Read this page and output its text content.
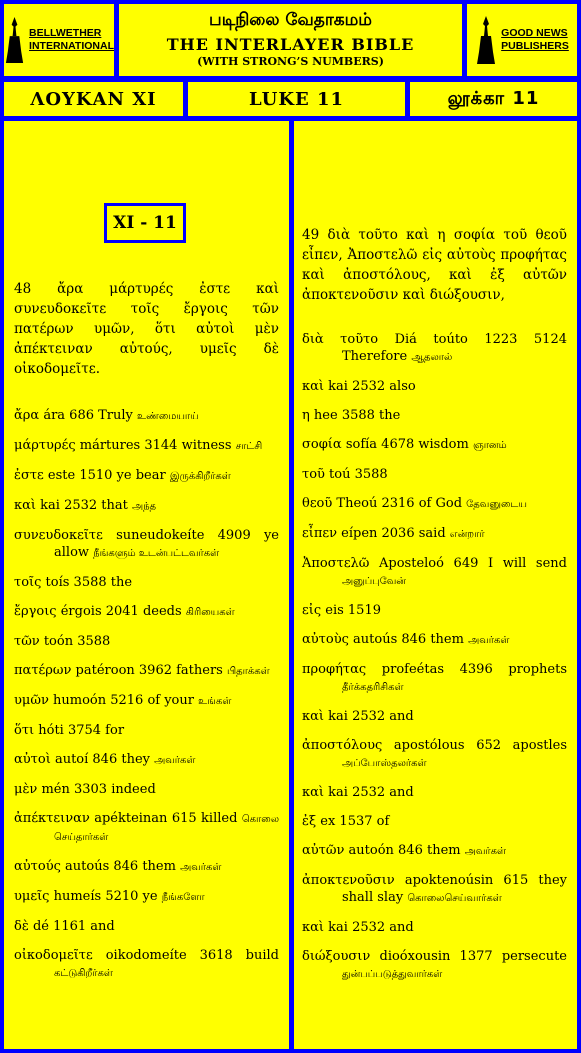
BELLWETHER
INTERNATIONAL
படிநிலை வேதாகமம்
THE INTERLAYER BIBLE
(WITH STRONG’S NUMBERS)
GOOD NEWS
PUBLISHERS
ΛΟΥΚΑΝ XI	LUKE 11	லூக்கா 11
XI - 11
48 ἄρα μάρτυρές ἐστε καὶ συνευδοκεῖτε τοῖς ἔργοις τῶν πατέρων υμῶν, ὅτι αὐτοὶ μὲν ἀπέκτειναν αὐτούς, υμεῖς δὲ οἰκοδομεῖτε.
ἄρα ára 686 Truly உண்மையாய்
μάρτυρές mártures 3144 witness சாட்சி
ἐστε este 1510 ye bear இருக்கிறீர்கள்
καὶ kai 2532 that அந்த
συνευδοκεῖτε suneudokeíte 4909 ye allow நீங்களும் உடன்பட்டவர்கள்
τοῖς toís 3588 the
ἔργοις érgois 2041 deeds கிரியைகள்
τῶν toón 3588
πατέρων patéroon 3962 fathers பிதாக்கள்
υμῶν humoón 5216 of your உங்கள்
ὅτι hóti 3754 for
αὐτοὶ autoí 846 they அவர்கள்
μὲν mén 3303 indeed
ἀπέκτειναν apékteinan 615 killed கொலை செய்தார்கள்
αὐτούς autoús 846 them அவர்கள்
υμεῖς humeís 5210 ye நீங்களோ
δὲ dé 1161 and
οἰκοδομεῖτε oikodomeíte 3618 build கட்டுகிறீர்கள்
49 διὰ τοῦτο καὶ η σοφία τοῦ θεοῦ εἶπεν, Ἀποστελῶ εἰς αὐτοὺς προφήτας καὶ ἀποστόλους, καὶ ἐξ αὐτῶν ἀποκτενοῦσιν καὶ διώξουσιν,
διὰ τοῦτο Diá toúto 1223 5124 Therefore ஆதலால்
καὶ kai 2532 also
η hee 3588 the
σοφία sofía 4678 wisdom ஞானம்
τοῦ toú 3588
θεοῦ Theoú 2316 of God தேவனுடைய
εἶπεν eípen 2036 said என்றார்
Ἀποστελῶ Aposteloó 649 I will send அனுப்புவேன்
εἰς eis 1519
αὐτοὺς autoús 846 them அவர்கள்
προφήτας profeétas 4396 prophets தீர்க்கதரிசிகள்
καὶ kai 2532 and
ἀποστόλους apostólous 652 apostles அப்போஸ்தலர்கள்
καὶ kai 2532 and
ἐξ ex 1537 of
αὐτῶν autoón 846 them அவர்கள்
ἀποκτενοῦσιν apoktenoúsin 615 they shall slay கொலைசெய்வார்கள்
καὶ kai 2532 and
διώξουσιν dioóxousin 1377 persecute துன்பப்படுத்துவார்கள்
